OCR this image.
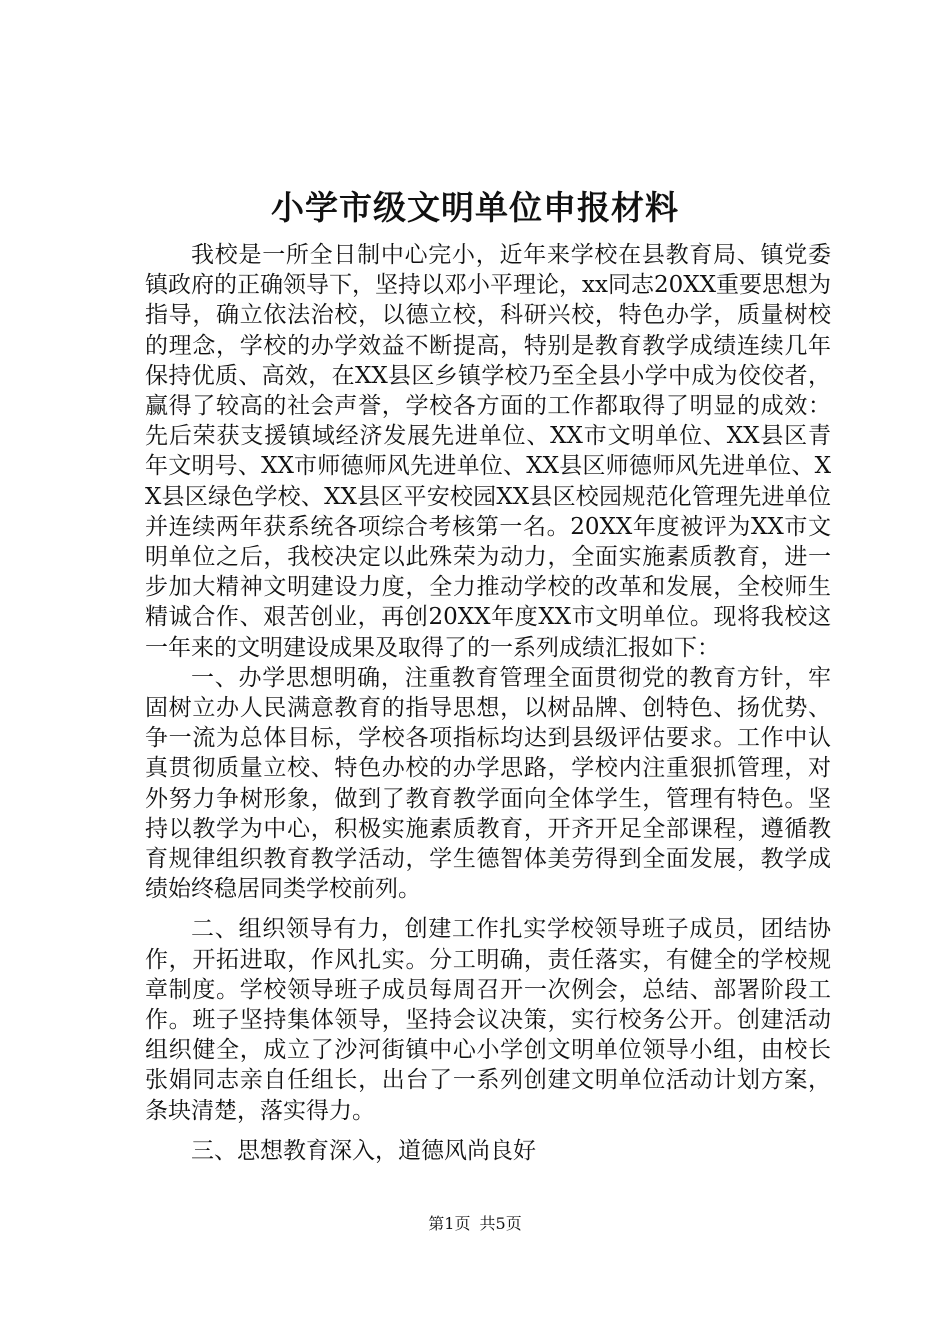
小学市级文明单位申报材料

我校是一所全日制中心完小，近年来学校在县教育局、镇党委镇政府的正确领导下，坚持以邓小平理论，xx同志20XX重要思想为指导，确立依法治校，以德立校，科研兴校，特色办学，质量树校的理念，学校的办学效益不断提高，特别是教育教学成绩连续几年保持优质、高效，在XX县区乡镇学校乃至全县小学中成为佼佼者，赢得了较高的社会声誉，学校各方面的工作都取得了明显的成效：先后荣获支援镇域经济发展先进单位、XX市文明单位、XX县区青年文明号、XX市师德师风先进单位、XX县区师德师风先进单位、XX县区绿色学校、XX县区平安校园XX县区校园规范化管理先进单位并连续两年获系统各项综合考核第一名。20XX年度被评为XX市文明单位之后，我校决定以此殊荣为动力，全面实施素质教育，进一步加大精神文明建设力度，全力推动学校的改革和发展，全校师生精诚合作、艰苦创业，再创20XX年度XX市文明单位。现将我校这一年来的文明建设成果及取得了的一系列成绩汇报如下：

一、办学思想明确，注重教育管理全面贯彻党的教育方针，牢固树立办人民满意教育的指导思想，以树品牌、创特色、扬优势、争一流为总体目标，学校各项指标均达到县级评估要求。工作中认真贯彻质量立校、特色办校的办学思路，学校内注重狠抓管理，对外努力争树形象，做到了教育教学面向全体学生，管理有特色。坚持以教学为中心，积极实施素质教育，开齐开足全部课程，遵循教育规律组织教育教学活动，学生德智体美劳得到全面发展，教学成绩始终稳居同类学校前列。

二、组织领导有力，创建工作扎实学校领导班子成员，团结协作，开拓进取，作风扎实。分工明确，责任落实，有健全的学校规章制度。学校领导班子成员每周召开一次例会，总结、部署阶段工作。班子坚持集体领导，坚持会议决策，实行校务公开。创建活动组织健全，成立了沙河街镇中心小学创文明单位领导小组，由校长张娟同志亲自任组长，出台了一系列创建文明单位活动计划方案，条块清楚，落实得力。

三、思想教育深入，道德风尚良好

第1页 共5页
